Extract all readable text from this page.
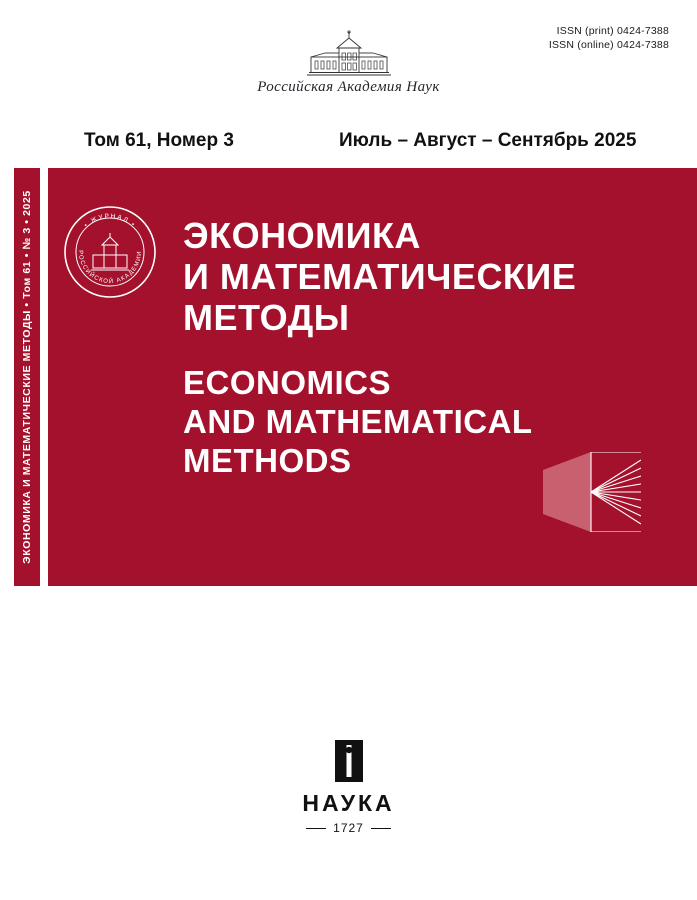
ISSN (print) 0424-7388
ISSN (online) 0424-7388
Российская Академия Наук
Том 61, Номер 3	Июль – Август – Сентябрь 2025
ЭКОНОМИКА И МАТЕМАТИЧЕСКИЕ МЕТОДЫ • Том 61 • № 3 • 2025	• ЖУРНАЛ •
РОССИЙСКОЙ АКАДЕМИИ ЭКОНОМИКА
И МАТЕМАТИЧЕСКИЕ
МЕТОДЫ
ECONOMICS
AND MATHEMATICAL
METHODS
НАУКА
1727
